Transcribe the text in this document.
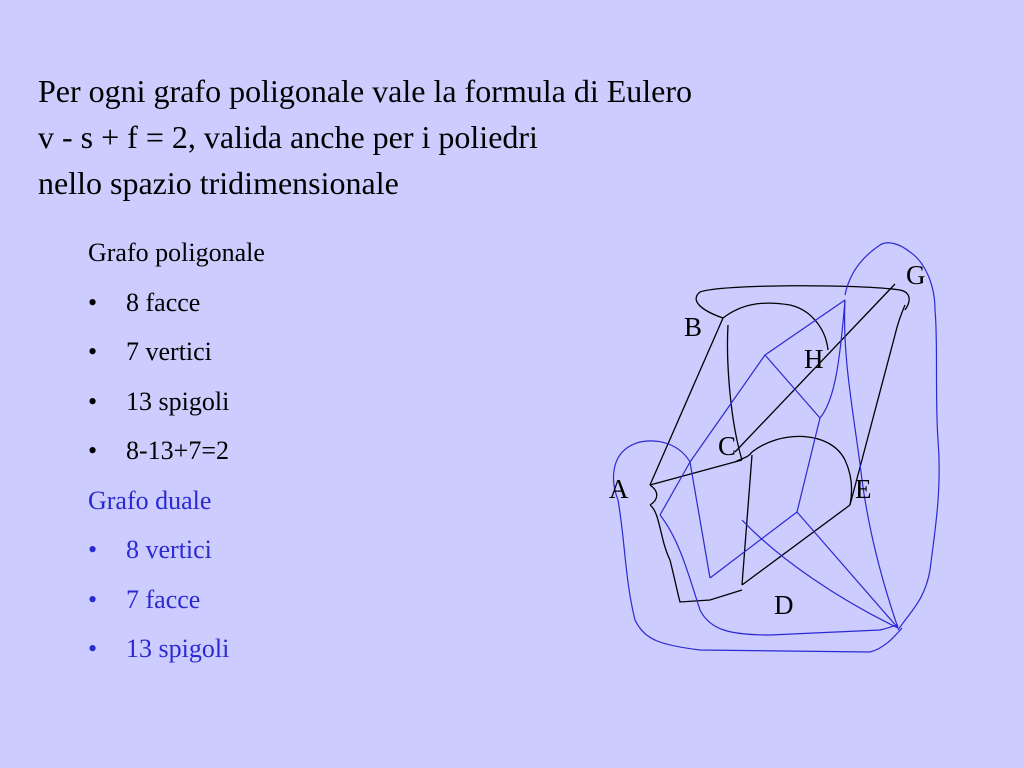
Per ogni grafo poligonale vale la formula di Eulero
v - s + f = 2, valida anche per i poliedri
nello spazio tridimensionale
Grafo poligonale
•	8 facce
•	7 vertici
•	13 spigoli
•	8-13+7=2
Grafo duale
•	8 vertici
•	7 facce
•	13 spigoli
A
B
C
D
E
G
H
